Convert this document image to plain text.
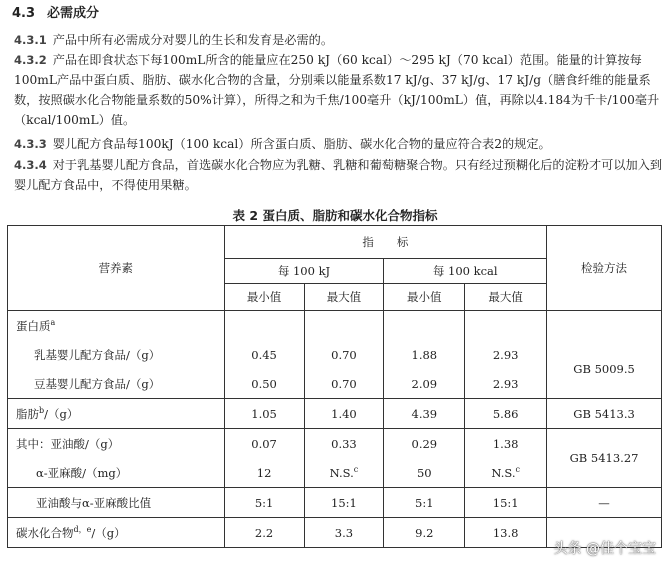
4.3 必需成分
4.3.1 产品中所有必需成分对婴儿的生长和发育是必需的。
4.3.2 产品在即食状态下每100mL所含的能量应在250 kJ（60 kcal）～295 kJ（70 kcal）范围。能量的计算按每100mL产品中蛋白质、脂肪、碳水化合物的含量，分别乘以能量系数17 kJ/g、37 kJ/g、17 kJ/g（膳食纤维的能量系数，按照碳水化合物能量系数的50%计算），所得之和为千焦/100毫升（kJ/100mL）值，再除以4.184为千卡/100毫升（kcal/100mL）值。
4.3.3 婴儿配方食品每100kJ（100 kcal）所含蛋白质、脂肪、碳水化合物的量应符合表2的规定。
4.3.4 对于乳基婴儿配方食品，首选碳水化合物应为乳糖、乳糖和葡萄糖聚合物。只有经过预糊化后的淀粉才可以加入到婴儿配方食品中，不得使用果糖。
表 2 蛋白质、脂肪和碳水化合物指标
营养素	指　　标				检验方法
	每 100 kJ		每 100 kcal		
	最小值	最大值	最小值	最大值	
蛋白质$^a$					
乳基婴儿配方食品/（g）	0.45	0.70	1.88	2.93	GB 5009.5
豆基婴儿配方食品/（g）	0.50	0.70	2.09	2.93	
脂肪$^b$/（g）	1.05	1.40	4.39	5.86	GB 5413.3
其中：亚油酸/（g）	0.07	0.33	0.29	1.38	GB 5413.27
α-亚麻酸/（mg）	12	N.S.$^c$	50	N.S.$^c$
亚油酸与α-亚麻酸比值	5:1	15:1	5:1	15:1	—
碳水化合物$^{d,e}$/（g）	2.2	3.3	9.2	13.8	
头条 @佳个宝宝
